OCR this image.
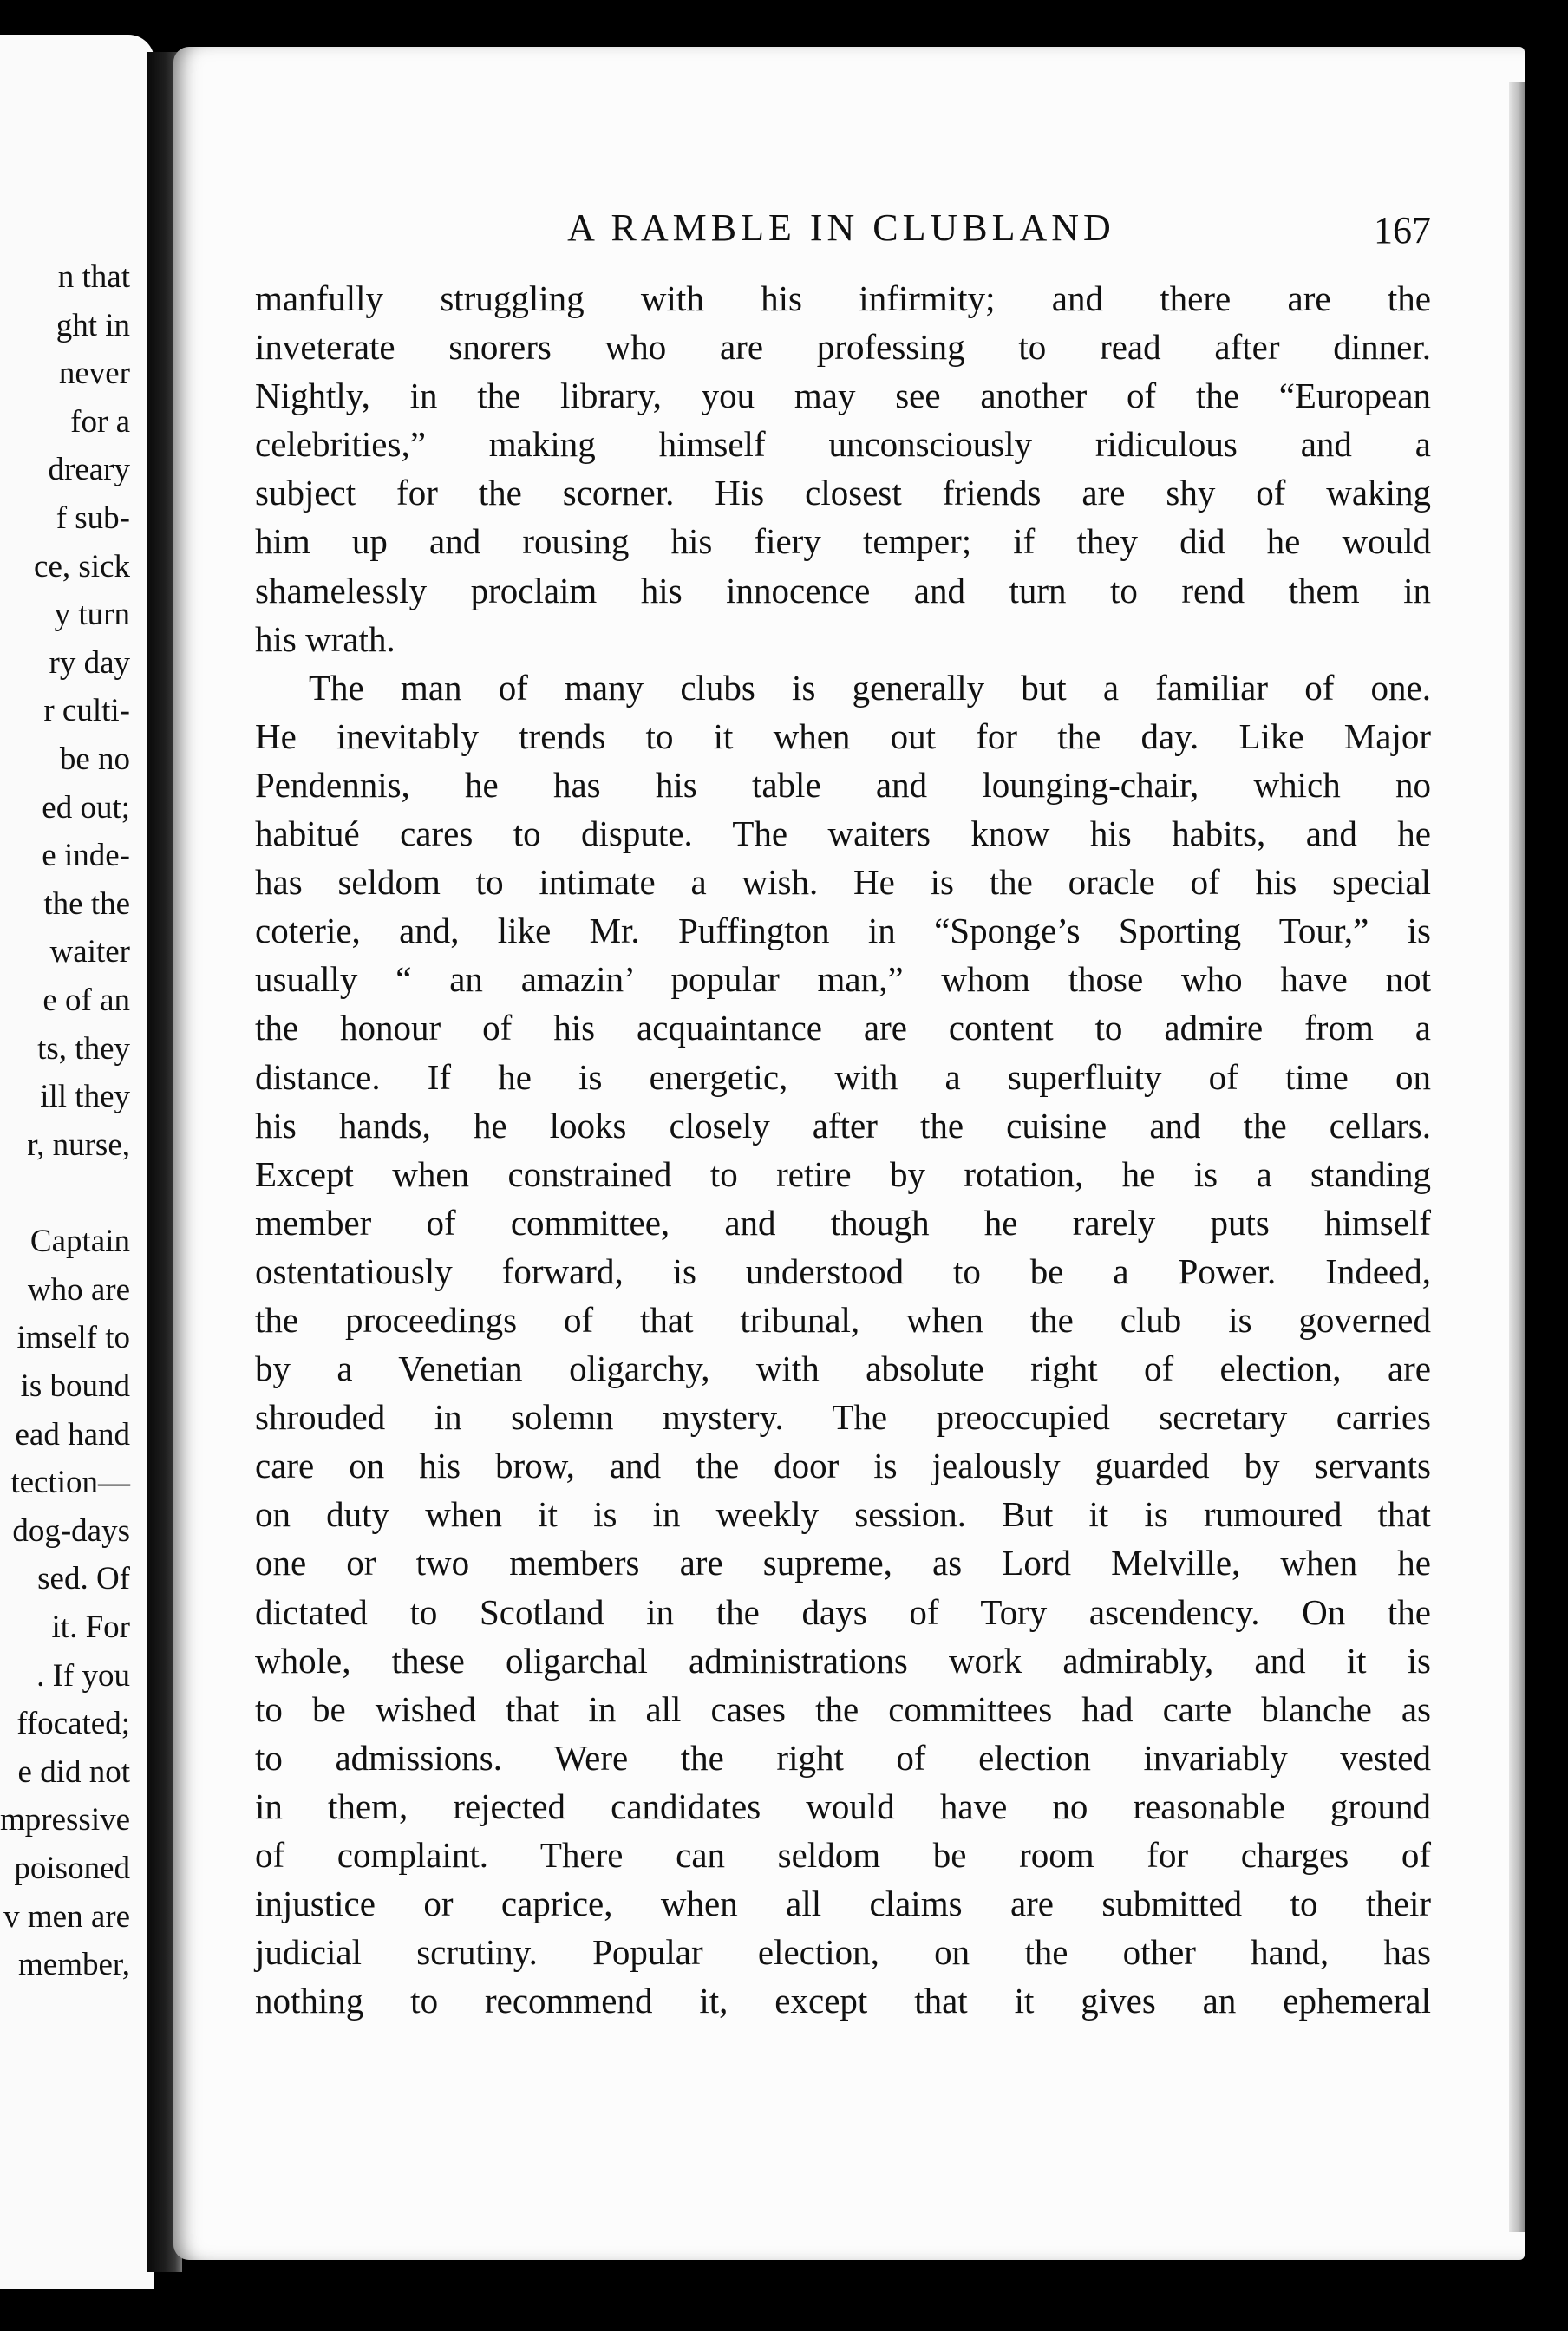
n that
ght in
never
for a
dreary
f sub-
ce, sick
y turn
ry day
r culti-
be no
ed out;
e inde-
the the
waiter
e of an
ts, they
ill they
r, nurse,
Captain
who are
imself to
is bound
ead hand
tection—
dog-days
sed. Of
it. For
. If you
ffocated;
e did not
mpressive
poisoned
v men are
member,
A RAMBLE IN CLUBLAND	167
manfully struggling with his infirmity; and there are the
inveterate snorers who are professing to read after dinner.
Nightly, in the library, you may see another of the “European
celebrities,” making himself unconsciously ridiculous and a
subject for the scorner. His closest friends are shy of waking
him up and rousing his fiery temper; if they did he would
shamelessly proclaim his innocence and turn to rend them in
his wrath.
The man of many clubs is generally but a familiar of one.
He inevitably trends to it when out for the day. Like Major
Pendennis, he has his table and lounging-chair, which no
habitué cares to dispute. The waiters know his habits, and he
has seldom to intimate a wish. He is the oracle of his special
coterie, and, like Mr. Puffington in “Sponge’s Sporting Tour,” is
usually “ an amazin’ popular man,” whom those who have not
the honour of his acquaintance are content to admire from a
distance. If he is energetic, with a superfluity of time on
his hands, he looks closely after the cuisine and the cellars.
Except when constrained to retire by rotation, he is a standing
member of committee, and though he rarely puts himself
ostentatiously forward, is understood to be a Power. Indeed,
the proceedings of that tribunal, when the club is governed
by a Venetian oligarchy, with absolute right of election, are
shrouded in solemn mystery. The preoccupied secretary carries
care on his brow, and the door is jealously guarded by servants
on duty when it is in weekly session. But it is rumoured that
one or two members are supreme, as Lord Melville, when he
dictated to Scotland in the days of Tory ascendency. On the
whole, these oligarchal administrations work admirably, and it is
to be wished that in all cases the committees had carte blanche as
to admissions. Were the right of election invariably vested
in them, rejected candidates would have no reasonable ground
of complaint. There can seldom be room for charges of
injustice or caprice, when all claims are submitted to their
judicial scrutiny. Popular election, on the other hand, has
nothing to recommend it, except that it gives an ephemeral
